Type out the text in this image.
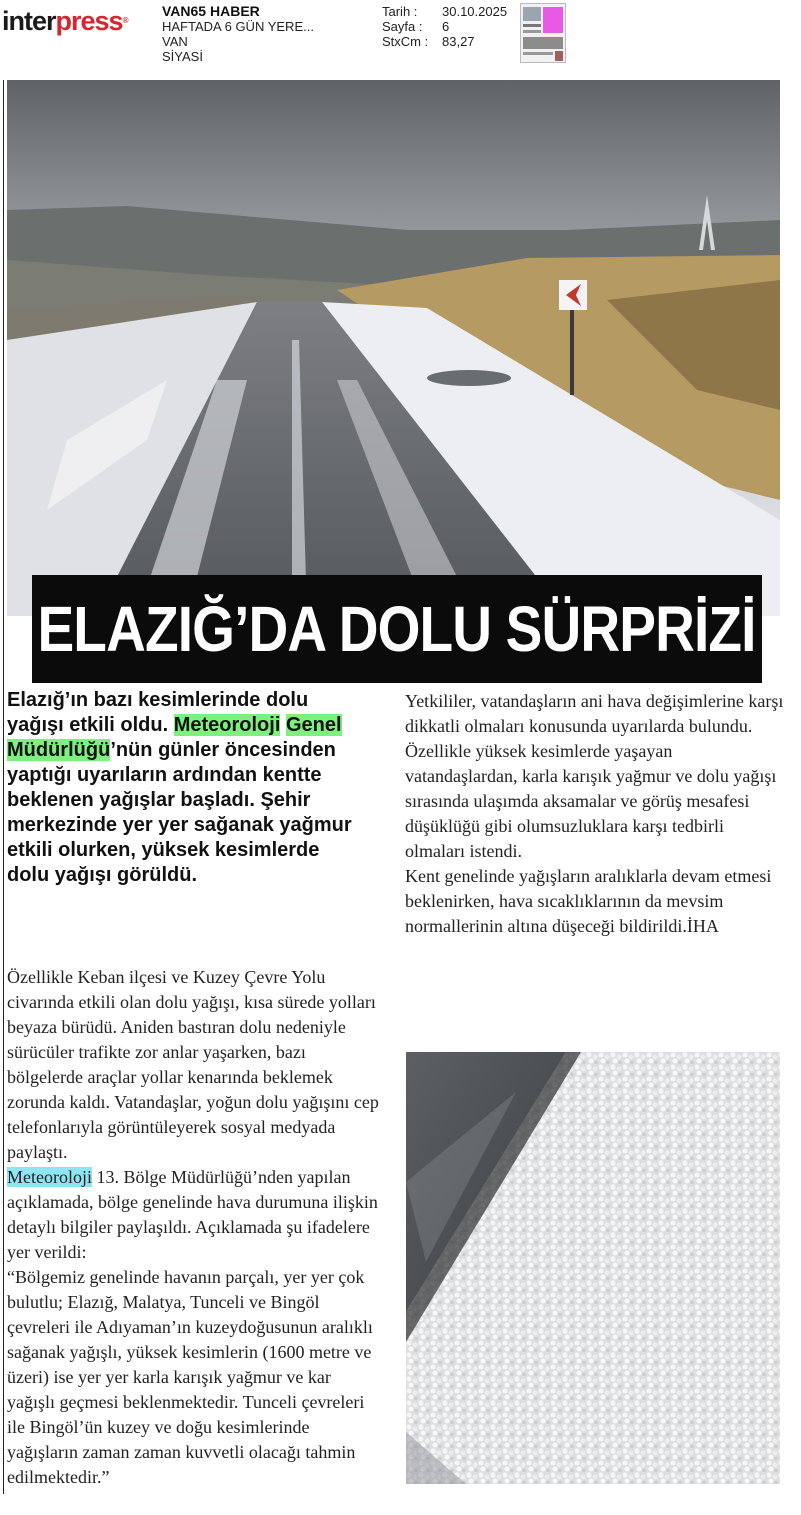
interpress®
VAN65 HABER
HAFTADA 6 GÜN YERE...
VAN
SİYASİ
Tarih :	30.10.2025
Sayfa :	6
StxCm :	83,27
ELAZIĞ’DA DOLU SÜRPRİZİ
Elazığ’ın bazı kesimlerinde dolu yağışı etkili oldu. Meteoroloji Genel Müdürlüğü’nün günler öncesinden yaptığı uyarıların ardından kentte beklenen yağışlar başladı. Şehir merkezinde yer yer sağanak yağmur etkili olurken, yüksek kesimlerde dolu yağışı görüldü.

Özellikle Keban ilçesi ve Kuzey Çevre Yolu civarında etkili olan dolu yağışı, kısa sürede yolları beyaza bürüdü. Aniden bastıran dolu nedeniyle sürücüler trafikte zor anlar yaşarken, bazı bölgelerde araçlar yollar kenarında beklemek zorunda kaldı. Vatandaşlar, yoğun dolu yağışını cep telefonlarıyla görüntüleyerek sosyal medyada paylaştı.

Meteoroloji 13. Bölge Müdürlüğü’nden yapılan açıklamada, bölge genelinde hava durumuna ilişkin detaylı bilgiler paylaşıldı. Açıklamada şu ifadelere yer verildi:

“Bölgemiz genelinde havanın parçalı, yer yer çok bulutlu; Elazığ, Malatya, Tunceli ve Bingöl çevreleri ile Adıyaman’ın kuzeydoğusunun aralıklı sağanak yağışlı, yüksek kesimlerin (1600 metre ve üzeri) ise yer yer karla karışık yağmur ve kar yağışlı geçmesi beklenmektedir. Tunceli çevreleri ile Bingöl’ün kuzey ve doğu kesimlerinde yağışların zaman zaman kuvvetli olacağı tahmin edilmektedir.”

Yetkililer, vatandaşların ani hava değişimlerine karşı dikkatli olmaları konusunda uyarılarda bulundu. Özellikle yüksek kesimlerde yaşayan vatandaşlardan, karla karışık yağmur ve dolu yağışı sırasında ulaşımda aksamalar ve görüş mesafesi düşüklüğü gibi olumsuzluklara karşı tedbirli olmaları istendi.

Kent genelinde yağışların aralıklarla devam etmesi beklenirken, hava sıcaklıklarının da mevsim normallerinin altına düşeceği bildirildi.İHA
